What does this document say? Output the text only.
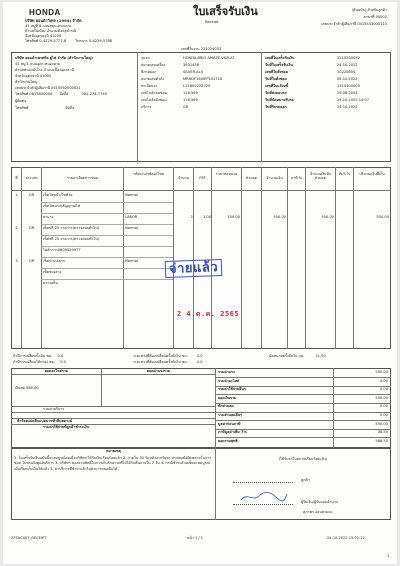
HONDA
บริษัท ฮอนด้าวีเทจ (1994) จำกัด
41 หมู่ที่ 8 ถนนสุขุม-ทรงแปน
ตำบลในเมือง อำเภอเมืองจุฬารณี
จังหวัดอุดรธานี 41230
โทรศัพท์ 0-4229-5777-8	โทรสาร 0-4229-5788
ใบเสร็จรับเงิน
Receipt
(ต้นฉบับ) สำหรับลูกค้า
สาขาที่ 00002
เลขประจำตัวผู้เสียภาษี 0415533000115
เลขที่ใบงาน 221024033
บริษัท ฮอนด้าเพรสทีจ ยู่ไฟ จำกัด (สำนักงานใหญ่)
41 หมู่ 1 ถนนอุดร-หนองคาย
ตำบลหนองสำโรง อำเภอเมืองอุดรธานี
จังหวัดอุดรธานี 41000
สำนักงานใหญ่
เลขประจำตัวผู้เสียภาษี 0415562000021
โทรศัพท์ 0813800000 มือถือ	081-274-7749
ผู้ติดต่อ
โทรศัพท์	มือถือ
รุ่นรถ	HONDA-BRIO AMAZE-V&R-AT
หมายเลขเครื่อง	3931456
สีภายนอก	SILVER-ALS
หมายเลขตัวถัง	MRHDF16J0EP101718
ทะเบียนรถ	L12B02222725
เลขไมล์ก่อนซ่อม	118,569
เลขไมล์หลังซ่อม	118,569
บริการ	GR
เลขที่ใบเสร็จรับเงิน	1210200092
วันที่ใบเสร็จรับเงิน	24.10.2022
เลขที่ใบสั่งซ่อม	10220804
วันที่ใบสั่งซ่อม	24.10.2022
เลขที่ใบแจ้งหนี้	1310400005
วันที่ส่งมอบรถ	29.08.2014
วันที่นัดหมายรับรถ	24.10.2022 14:07
วันที่รับรถออก	24.10.2022
ที่	ประเภท	รายละเอียดการซ่อม
รหัสงาน/รหัสอะไหล่
จำนวน	FRT
ราคาต่อหน่วย
ส่วนลด	จำนวนเงิน	ภาษี %
จำนวนเงินหักส่วนลด
W/S %	ปริมาณเงินที่เก็บ
1	GR	เช็คไฟหน้า/ไฟท้าย	Normal
เช็คไฟเบรก/สัญญาณไฟ
ค่าแรง	LABOR	1	1.00	550.00	550.00	550.00	550.00
2	GR	เช็คฟรี 25 รายการ(ตรวจสอบทั่วไป)	Normal
เช็คฟรี 25 รายการ(ตรวจสอบทั่วไป)
ไม่ต่ำกว่า0809429977
3	GR	เช็คระบบเบรก	Normal
เช็คช่วงล่าง
ความเห็น
จ่ายแล้ว
2 4 ต.ค. 2565
ถ้ามีการเปลี่ยนน้ำมัน ซม. 0.0	ระยะทางที่ต้องเปลี่ยนครั้งถัดไป ซม.	0.0	นัดหมายครั้งถัดไป กม.	11,50
ถ้ามีการเปลี่ยนไส้กรอง ซม. 0.0	ระยะทางที่ต้องเปลี่ยนครั้งถัดไป ซม.	0.0
ยอดอะไหล่รวม	ยอดค่าแรงรวม
เงินสด 589.00
รวมค่าบริการ
ห้าร้อยแปดสิบแปดบาทห้าสิบสตางค์
รวมค่าใช้จ่ายที่ลูกค้าชำระเงิน
รวมค่าแรง	550.00
รวมค่าอะไหล่	0.00
รวมค่าใช้จ่ายอื่นๆ	0.00
ยอดเงินรวม	550.00
หักส่วนลด	0.00
รวมส่วนลดอื่นๆ	0.00
มูลค่าก่อนภาษี	550.00
ภาษีมูลค่าเพิ่ม 7%	38.50
ยอดรวมสุทธิ	588.50
หมายเหตุ
1. ใบเสร็จรับเงินฉบับนี้จะสมบูรณ์ต่อเมื่อบริษัทฯ ได้รับเงินเรียบร้อยแล้ว 2. ภายใน 30 วันหลังจากรับรถ หากพบข้อผิดพลาดในการซ่อม โปรดแจ้งศูนย์บริการ 3. บริษัทฯ ขอสงวนสิทธิ์ในการเก็บรักษารถที่ไม่ได้รับคืนภายใน 7 วัน 4. กรณีชำระด้วยเช็คจะสมบูรณ์เมื่อเรียกเก็บเงินได้แล้ว 5. ค่าบริการที่ชำระแล้วไม่สามารถขอคืนได้
(ได้รับรถในสภาพเรียบร้อยแล้ว)
ลูกค้า
ผู้รับเงิน/ผู้รับมอบอำนาจ
สุภาพร อ่อนสามดง
ZFSVC007_RECEIPT	หน้า 1 / 1	24.10.2022 15:01:12
1
